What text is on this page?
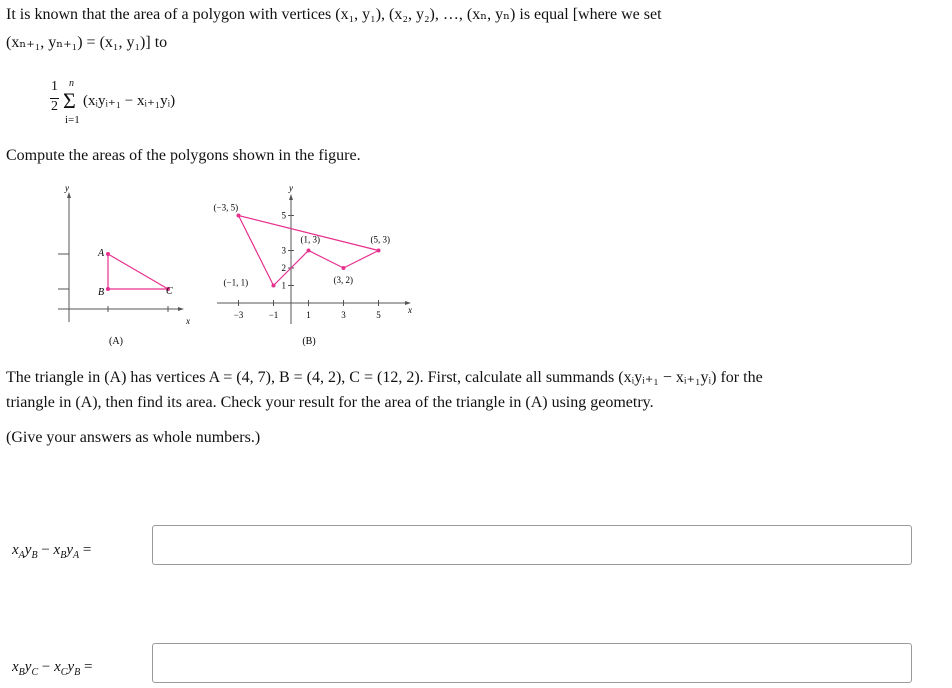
It is known that the area of a polygon with vertices (x₁, y₁), (x₂, y₂), …, (xₙ, yₙ) is equal [where we set
(xₙ₊₁, yₙ₊₁) = (x₁, y₁)] to
1
2
n
Σ
i=1
(xᵢyᵢ₊₁ − xᵢ₊₁yᵢ)
Compute the areas of the polygons shown in the figure.
y
x
A
B	C
(A)
y
x
−3	−1	1	3	5
1
2
3
5
(−3, 5)
(−1, 1)
(1, 3)
(3, 2)
(5, 3)
(B)
The triangle in (A) has vertices A = (4, 7), B = (4, 2), C = (12, 2). First, calculate all summands (xᵢyᵢ₊₁ − xᵢ₊₁yᵢ) for the
triangle in (A), then find its area. Check your result for the area of the triangle in (A) using geometry.
(Give your answers as whole numbers.)
$x_Ay_B - x_By_A$ =
$x_By_C - x_Cy_B$ =
